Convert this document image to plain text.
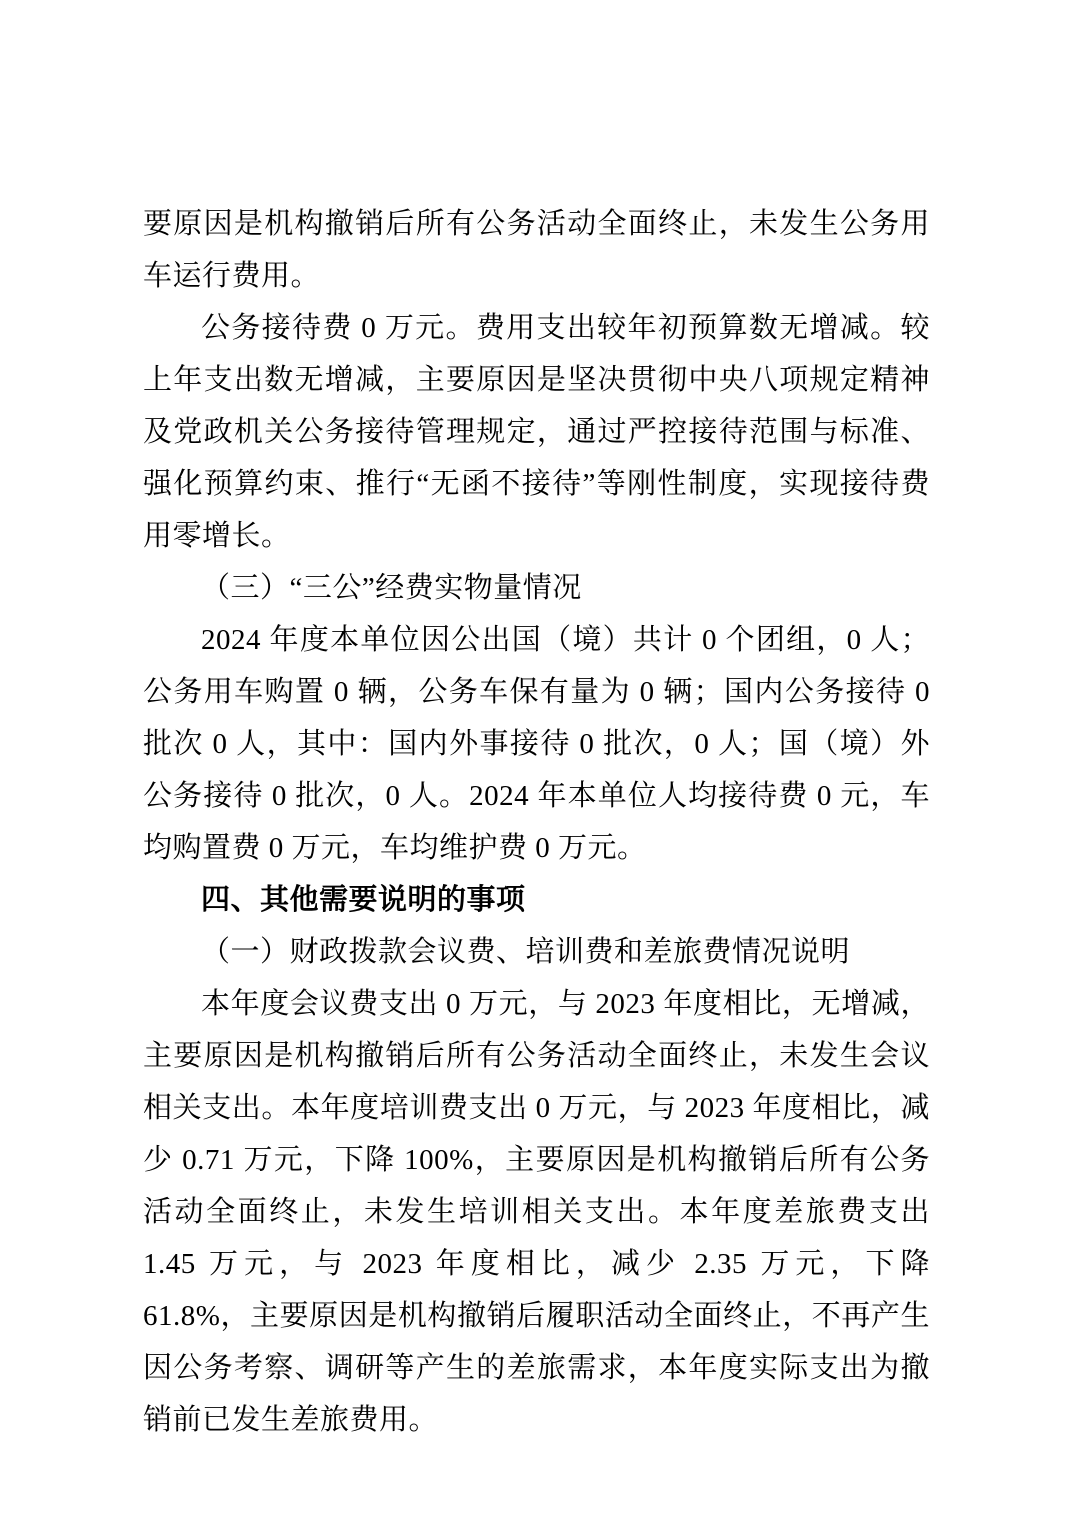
要原因是机构撤销后所有公务活动全面终止，未发生公务用车运行费用。

公务接待费 0 万元。费用支出较年初预算数无增减。较上年支出数无增减，主要原因是坚决贯彻中央八项规定精神及党政机关公务接待管理规定，通过严控接待范围与标准、强化预算约束、推行“无函不接待”等刚性制度，实现接待费用零增长。

（三）“三公”经费实物量情况

2024 年度本单位因公出国（境）共计 0 个团组，0 人；公务用车购置 0 辆，公务车保有量为 0 辆；国内公务接待 0 批次 0 人，其中：国内外事接待 0 批次，0 人；国（境）外公务接待 0 批次，0 人。2024 年本单位人均接待费 0 元，车均购置费 0 万元，车均维护费 0 万元。

四、其他需要说明的事项
（一）财政拨款会议费、培训费和差旅费情况说明

本年度会议费支出 0 万元，与 2023 年度相比，无增减，主要原因是机构撤销后所有公务活动全面终止，未发生会议相关支出。本年度培训费支出 0 万元，与 2023 年度相比，减少 0.71 万元，下降 100%，主要原因是机构撤销后所有公务活动全面终止，未发生培训相关支出。本年度差旅费支出 1.45 万元，与 2023 年度相比，减少 2.35 万元，下降 61.8%，主要原因是机构撤销后履职活动全面终止，不再产生因公务考察、调研等产生的差旅需求，本年度实际支出为撤销前已发生差旅费用。
